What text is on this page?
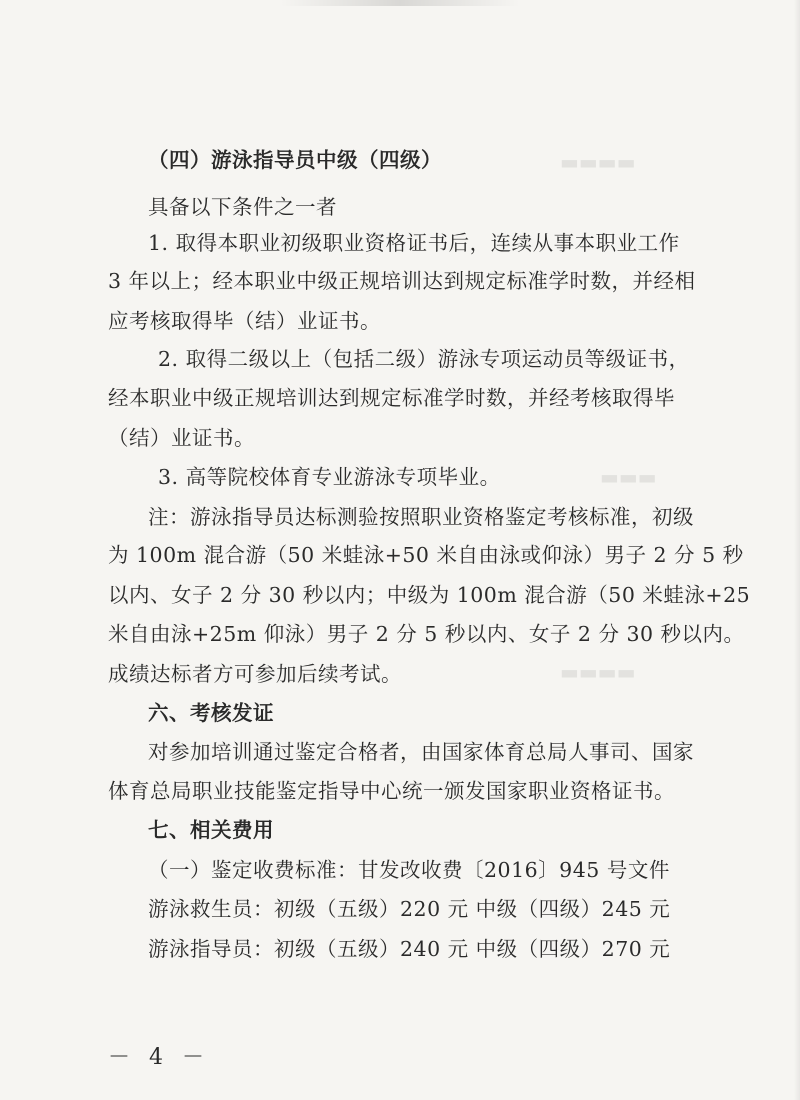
▬▬▬▬
▬▬▬
▬▬▬▬
（四）游泳指导员中级（四级）
具备以下条件之一者
1. 取得本职业初级职业资格证书后，连续从事本职业工作
3 年以上；经本职业中级正规培训达到规定标准学时数，并经相
应考核取得毕（结）业证书。
2. 取得二级以上（包括二级）游泳专项运动员等级证书，
经本职业中级正规培训达到规定标准学时数，并经考核取得毕
（结）业证书。
3. 高等院校体育专业游泳专项毕业。
注：游泳指导员达标测验按照职业资格鉴定考核标准，初级
为 100m 混合游（50 米蛙泳+50 米自由泳或仰泳）男子 2 分 5 秒
以内、女子 2 分 30 秒以内；中级为 100m 混合游（50 米蛙泳+25
米自由泳+25m 仰泳）男子 2 分 5 秒以内、女子 2 分 30 秒以内。
成绩达标者方可参加后续考试。
六、考核发证
对参加培训通过鉴定合格者，由国家体育总局人事司、国家
体育总局职业技能鉴定指导中心统一颁发国家职业资格证书。
七、相关费用
（一）鉴定收费标准：甘发改收费〔2016〕945 号文件
游泳救生员：初级（五级）220 元 中级（四级）245 元
游泳指导员：初级（五级）240 元 中级（四级）270 元
－ 4 －
